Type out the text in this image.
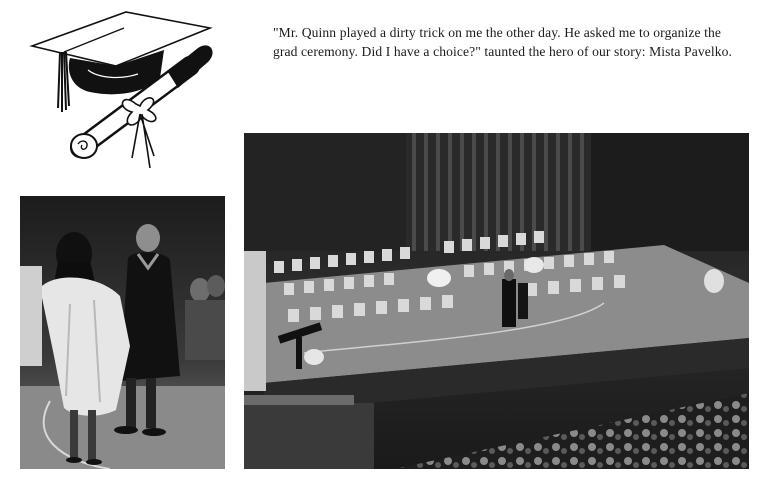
"Mr. Quinn played a dirty trick on me the other day. He asked me to organize the grad ceremony. Did I have a choice?" taunted the hero of our story: Mista Pavelko.
